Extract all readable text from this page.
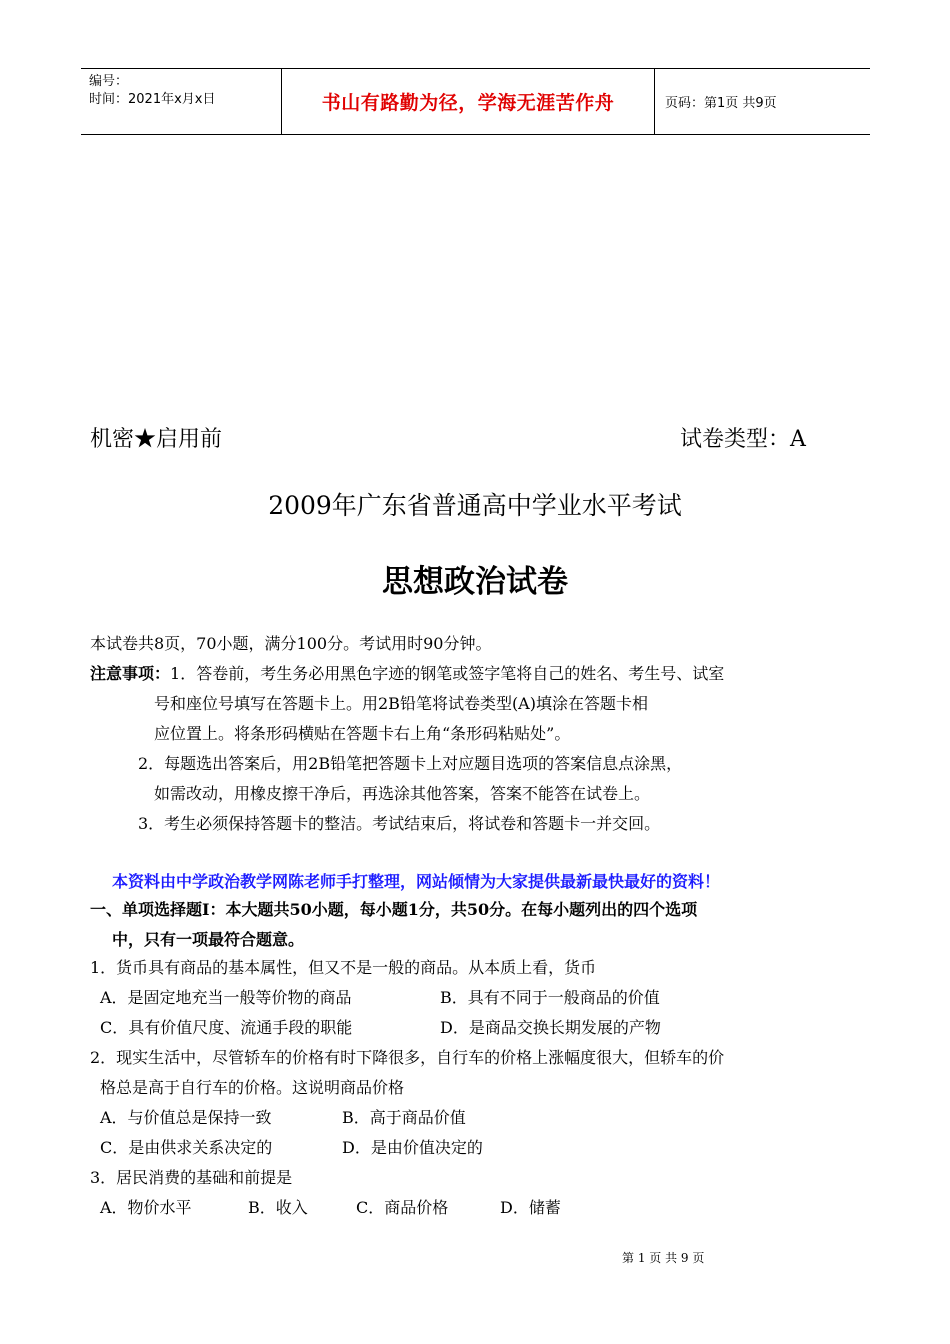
编号：
时间：2021年x月x日	书山有路勤为径，学海无涯苦作舟	页码：第1页 共9页
机密★启用前	试卷类型：A
2009年广东省普通高中学业水平考试
思想政治试卷
本试卷共8页，70小题，满分100分。考试用时90分钟。
注意事项：1．答卷前，考生务必用黑色字迹的钢笔或签字笔将自己的姓名、考生号、试室
号和座位号填写在答题卡上。用2B铅笔将试卷类型(A)填涂在答题卡相
应位置上。将条形码横贴在答题卡右上角“条形码粘贴处”。
2．每题选出答案后，用2B铅笔把答题卡上对应题目选项的答案信息点涂黑，
如需改动，用橡皮擦干净后，再选涂其他答案，答案不能答在试卷上。
3．考生必须保持答题卡的整洁。考试结束后，将试卷和答题卡一并交回。
本资料由中学政治教学网陈老师手打整理，网站倾情为大家提供最新最快最好的资料！
一、单项选择题Ⅰ：本大题共50小题，每小题1分，共50分。在每小题列出的四个选项
中，只有一项最符合题意。
1．货币具有商品的基本属性，但又不是一般的商品。从本质上看，货币
A．是固定地充当一般等价物的商品	B．具有不同于一般商品的价值
C．具有价值尺度、流通手段的职能	D．是商品交换长期发展的产物
2．现实生活中，尽管轿车的价格有时下降很多，自行车的价格上涨幅度很大，但轿车的价
格总是高于自行车的价格。这说明商品价格
A．与价值总是保持一致	B．高于商品价值
C．是由供求关系决定的	D．是由价值决定的
3．居民消费的基础和前提是
A．物价水平	B．收入	C．商品价格	D．储蓄
第 1 页 共 9 页
